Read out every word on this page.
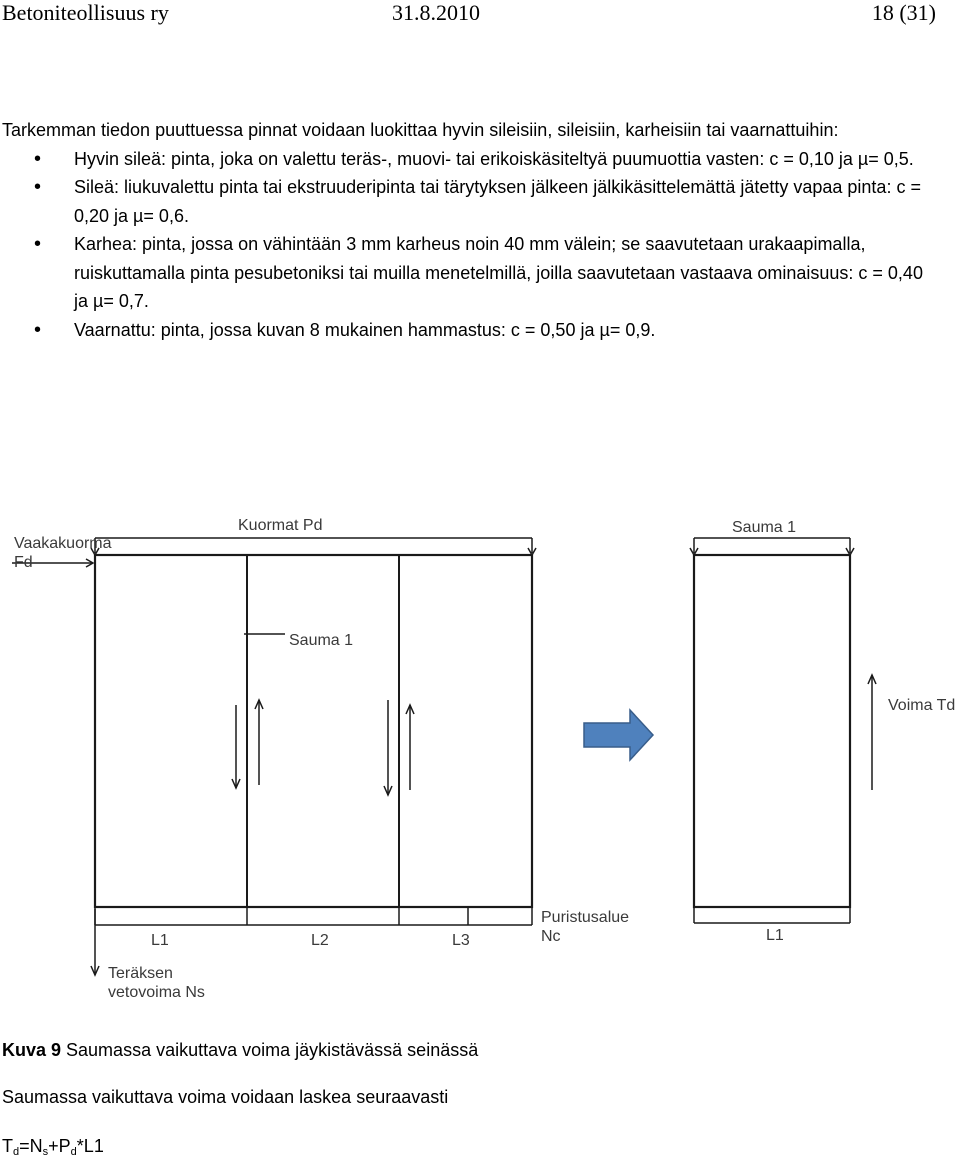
Betoniteollisuus ry	31.8.2010	18 (31)

Tarkemman tiedon puuttuessa pinnat voidaan luokittaa hyvin sileisiin, sileisiin, karheisiin tai vaarnattuihin:

• Hyvin sileä: pinta, joka on valettu teräs-, muovi- tai erikoiskäsiteltyä puumuottia vasten: c = 0,10 ja µ= 0,5.
• Sileä: liukuvalettu pinta tai ekstruuderipinta tai tärytyksen jälkeen jälkikäsittelemättä jätetty vapaa pinta: c = 0,20 ja µ= 0,6.
• Karhea: pinta, jossa on vähintään 3 mm karheus noin 40 mm välein; se saavutetaan urakaapimalla, ruiskuttamalla pinta pesubetoniksi tai muilla menetelmillä, joilla saavutetaan vastaava ominaisuus: c = 0,40 ja µ= 0,7.
• Vaarnattu: pinta, jossa kuvan 8 mukainen hammastus: c = 0,50 ja µ= 0,9.
Vaakakuorma
Fd
Kuormat Pd
Sauma 1
Sauma 1
Voima Td
Puristusalue
Nc
Teräksen
vetovoima Ns
L1	L2	L3	L1
Kuva 9 Saumassa vaikuttava voima jäykistävässä seinässä
Saumassa vaikuttava voima voidaan laskea seuraavasti
$T_d=N_s+P_d*L1$
